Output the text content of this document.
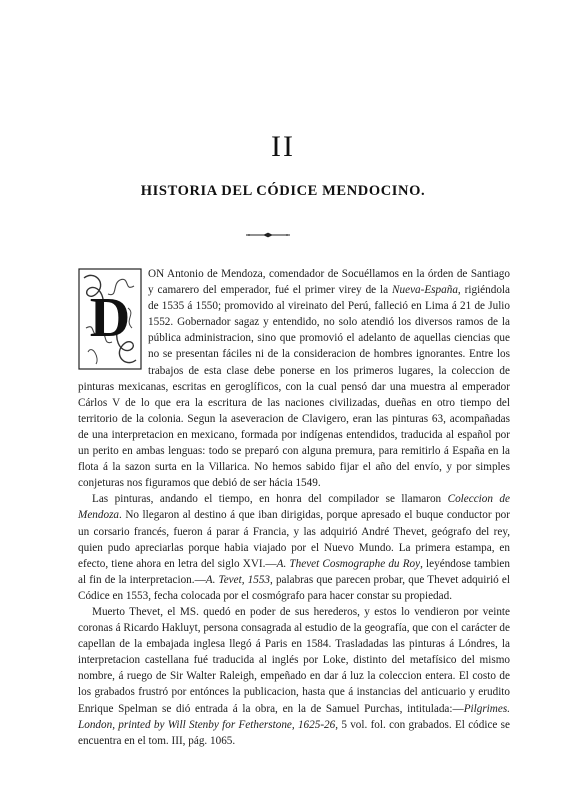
II
HISTORIA DEL CÓDICE MENDOCINO.

D
ON Antonio de Mendoza, comendador de Socuéllamos en la órden de Santiago y camarero del emperador, fué el primer virey de la Nueva-España, rigiéndola de 1535 á 1550; promovido al vireinato del Perú, falleció en Lima á 21 de Julio 1552. Gobernador sagaz y entendido, no solo atendió los diversos ramos de la pública administracion, sino que promovió el adelanto de aquellas ciencias que no se presentan fáciles ni de la consideracion de hombres ignorantes. Entre los trabajos de esta clase debe ponerse en los primeros lugares, la coleccion de pinturas mexicanas, escritas en geroglíficos, con la cual pensó dar una muestra al emperador Cárlos V de lo que era la escritura de las naciones civilizadas, dueñas en otro tiempo del territorio de la colonia. Segun la aseveracion de Clavigero, eran las pinturas 63, acompañadas de una interpretacion en mexicano, formada por indígenas entendidos, traducida al español por un perito en ambas lenguas: todo se preparó con alguna premura, para remitirlo á España en la flota á la sazon surta en la Villarica. No hemos sabido fijar el año del envío, y por simples conjeturas nos figuramos que debió de ser hácia 1549.

Las pinturas, andando el tiempo, en honra del compilador se llamaron Coleccion de Mendoza. No llegaron al destino á que iban dirigidas, porque apresado el buque conductor por un corsario francés, fueron á parar á Francia, y las adquirió André Thevet, geógrafo del rey, quien pudo apreciarlas porque habia viajado por el Nuevo Mundo. La primera estampa, en efecto, tiene ahora en letra del siglo XVI.—A. Thevet Cosmographe du Roy, leyéndose tambien al fin de la interpretacion.—A. Tevet, 1553, palabras que parecen probar, que Thevet adquirió el Códice en 1553, fecha colocada por el cosmógrafo para hacer constar su propiedad.

Muerto Thevet, el MS. quedó en poder de sus herederos, y estos lo vendieron por veinte coronas á Ricardo Hakluyt, persona consagrada al estudio de la geografía, que con el carácter de capellan de la embajada inglesa llegó á Paris en 1584. Trasladadas las pinturas á Lóndres, la interpretacion castellana fué traducida al inglés por Loke, distinto del metafísico del mismo nombre, á ruego de Sir Walter Raleigh, empeñado en dar á luz la coleccion entera. El costo de los grabados frustró por entónces la publicacion, hasta que á instancias del anticuario y erudito Enrique Spelman se dió entrada á la obra, en la de Samuel Purchas, intitulada:—Pilgrimes. London, printed by Will Stenby for Fetherstone, 1625-26, 5 vol. fol. con grabados. El códice se encuentra en el tom. III, pág. 1065.
